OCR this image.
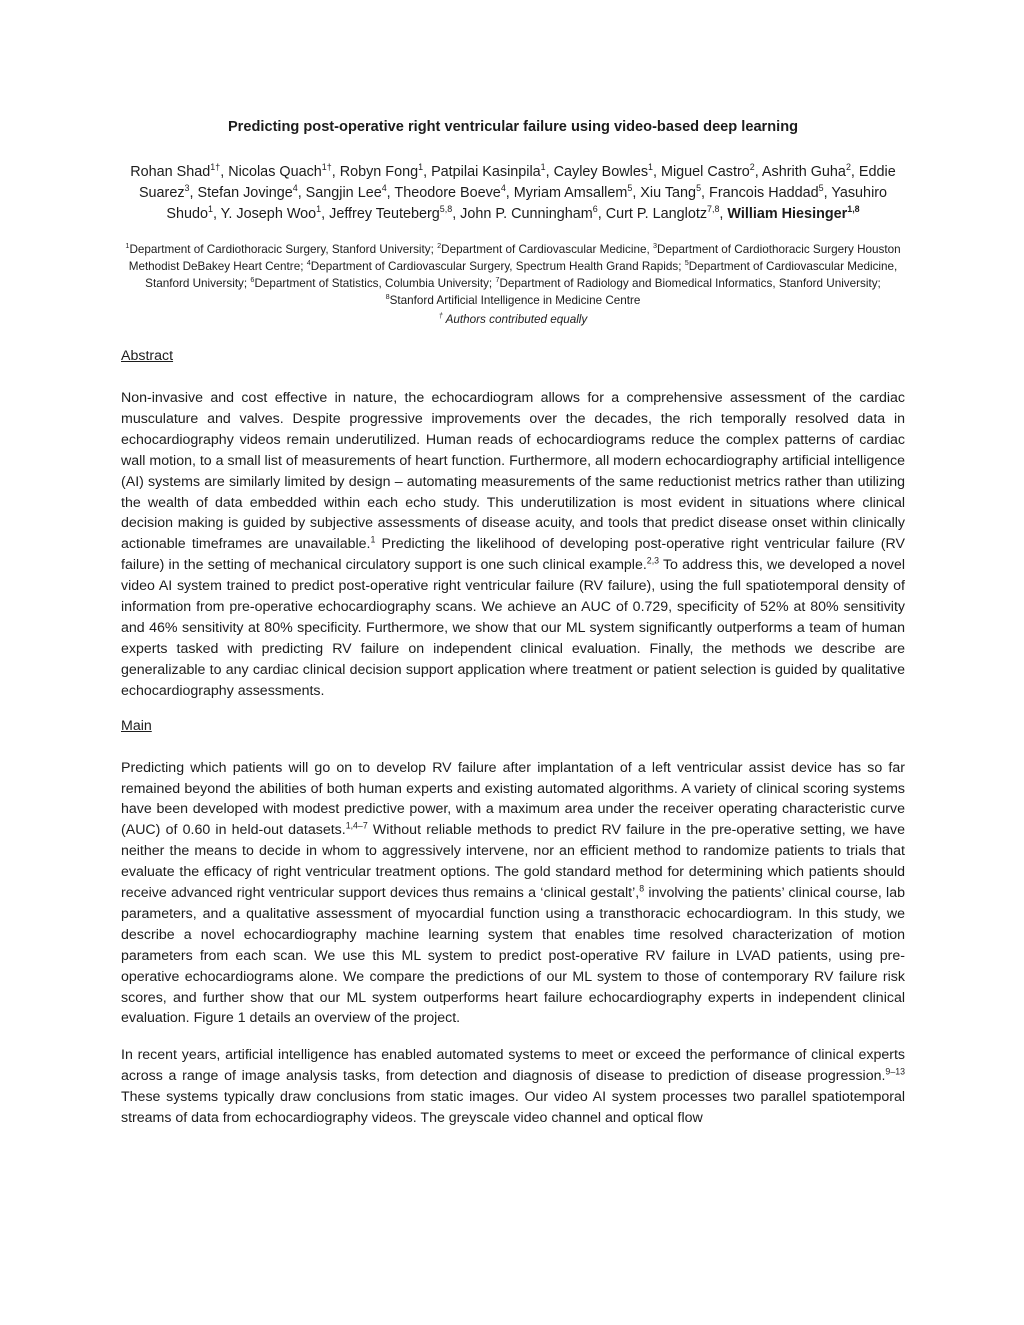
Predicting post-operative right ventricular failure using video-based deep learning

Rohan Shad$^{1\dagger}$, Nicolas Quach$^{1\dagger}$, Robyn Fong$^1$, Patpilai Kasinpila$^1$, Cayley Bowles$^1$, Miguel Castro$^2$, Ashrith Guha$^2$, Eddie Suarez$^3$, Stefan Jovinge$^4$, Sangjin Lee$^4$, Theodore Boeve$^4$, Myriam Amsallem$^5$, Xiu Tang$^5$, Francois Haddad$^5$, Yasuhiro Shudo$^1$, Y. Joseph Woo$^1$, Jeffrey Teuteberg$^{5,8}$, John P. Cunningham$^6$, Curt P. Langlotz$^{7,8}$, William Hiesinger$^{1,8}$

$^1$Department of Cardiothoracic Surgery, Stanford University; $^2$Department of Cardiovascular Medicine, $^3$Department of Cardiothoracic Surgery Houston Methodist DeBakey Heart Centre; $^4$Department of Cardiovascular Surgery, Spectrum Health Grand Rapids; $^5$Department of Cardiovascular Medicine, Stanford University; $^6$Department of Statistics, Columbia University; $^7$Department of Radiology and Biomedical Informatics, Stanford University; $^8$Stanford Artificial Intelligence in Medicine Centre

† Authors contributed equally

Abstract

Non-invasive and cost effective in nature, the echocardiogram allows for a comprehensive assessment of the cardiac musculature and valves. Despite progressive improvements over the decades, the rich temporally resolved data in echocardiography videos remain underutilized. Human reads of echocardiograms reduce the complex patterns of cardiac wall motion, to a small list of measurements of heart function. Furthermore, all modern echocardiography artificial intelligence (AI) systems are similarly limited by design – automating measurements of the same reductionist metrics rather than utilizing the wealth of data embedded within each echo study. This underutilization is most evident in situations where clinical decision making is guided by subjective assessments of disease acuity, and tools that predict disease onset within clinically actionable timeframes are unavailable.$^1$ Predicting the likelihood of developing post-operative right ventricular failure (RV failure) in the setting of mechanical circulatory support is one such clinical example.$^{2,3}$ To address this, we developed a novel video AI system trained to predict post-operative right ventricular failure (RV failure), using the full spatiotemporal density of information from pre-operative echocardiography scans. We achieve an AUC of 0.729, specificity of 52% at 80% sensitivity and 46% sensitivity at 80% specificity. Furthermore, we show that our ML system significantly outperforms a team of human experts tasked with predicting RV failure on independent clinical evaluation. Finally, the methods we describe are generalizable to any cardiac clinical decision support application where treatment or patient selection is guided by qualitative echocardiography assessments.

Main

Predicting which patients will go on to develop RV failure after implantation of a left ventricular assist device has so far remained beyond the abilities of both human experts and existing automated algorithms. A variety of clinical scoring systems have been developed with modest predictive power, with a maximum area under the receiver operating characteristic curve (AUC) of 0.60 in held-out datasets.$^{1,4-7}$ Without reliable methods to predict RV failure in the pre-operative setting, we have neither the means to decide in whom to aggressively intervene, nor an efficient method to randomize patients to trials that evaluate the efficacy of right ventricular treatment options. The gold standard method for determining which patients should receive advanced right ventricular support devices thus remains a ‘clinical gestalt’,$^8$ involving the patients’ clinical course, lab parameters, and a qualitative assessment of myocardial function using a transthoracic echocardiogram. In this study, we describe a novel echocardiography machine learning system that enables time resolved characterization of motion parameters from each scan. We use this ML system to predict post-operative RV failure in LVAD patients, using pre-operative echocardiograms alone. We compare the predictions of our ML system to those of contemporary RV failure risk scores, and further show that our ML system outperforms heart failure echocardiography experts in independent clinical evaluation. Figure 1 details an overview of the project.

In recent years, artificial intelligence has enabled automated systems to meet or exceed the performance of clinical experts across a range of image analysis tasks, from detection and diagnosis of disease to prediction of disease progression.$^{9-13}$ These systems typically draw conclusions from static images. Our video AI system processes two parallel spatiotemporal streams of data from echocardiography videos. The greyscale video channel and optical flow
